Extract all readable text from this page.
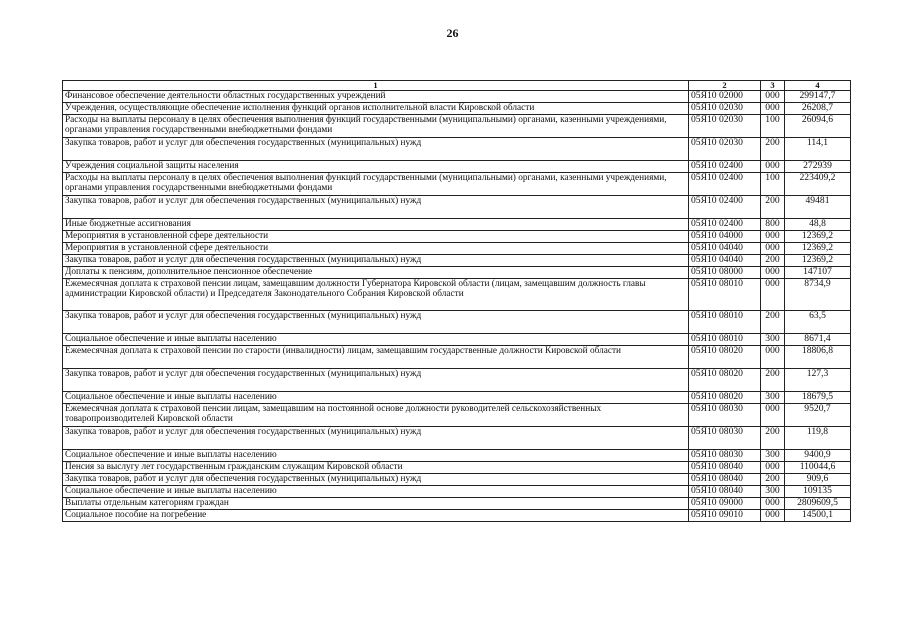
26
1	2	3	4
Финансовое обеспечение деятельности областных государственных учреждений	05Я10 02000	000	299147,7
Учреждения, осуществляющие обеспечение исполнения функций органов исполнительной власти Кировской области	05Я10 02030	000	26208,7
Расходы на выплаты персоналу в целях обеспечения выполнения функций государственными (муниципальными) органами, казенными учреждениями, органами управления государственными внебюджетными фондами	05Я10 02030	100	26094,6
Закупка товаров, работ и услуг для обеспечения государственных (муниципальных) нужд	05Я10 02030	200	114,1
Учреждения социальной защиты населения	05Я10 02400	000	272939
Расходы на выплаты персоналу в целях обеспечения выполнения функций государственными (муниципальными) органами, казенными учреждениями, органами управления государственными внебюджетными фондами	05Я10 02400	100	223409,2
Закупка товаров, работ и услуг для обеспечения государственных (муниципальных) нужд	05Я10 02400	200	49481
Иные бюджетные ассигнования	05Я10 02400	800	48,8
Мероприятия в установленной сфере деятельности	05Я10 04000	000	12369,2
Мероприятия в установленной сфере деятельности	05Я10 04040	000	12369,2
Закупка товаров, работ и услуг для обеспечения государственных (муниципальных) нужд	05Я10 04040	200	12369,2
Доплаты к пенсиям, дополнительное пенсионное обеспечение	05Я10 08000	000	147107
Ежемесячная доплата к страховой пенсии лицам, замещавшим должности Губернатора Кировской области (лицам, замещавшим должность главы администрации Кировской области) и Председателя Законодательного Собрания Кировской области	05Я10 08010	000	8734,9
Закупка товаров, работ и услуг для обеспечения государственных (муниципальных) нужд	05Я10 08010	200	63,5
Социальное обеспечение и иные выплаты населению	05Я10 08010	300	8671,4
Ежемесячная доплата к страховой пенсии по старости (инвалидности) лицам, замещавшим государственные должности Кировской области	05Я10 08020	000	18806,8
Закупка товаров, работ и услуг для обеспечения государственных (муниципальных) нужд	05Я10 08020	200	127,3
Социальное обеспечение и иные выплаты населению	05Я10 08020	300	18679,5
Ежемесячная доплата к страховой пенсии лицам, замещавшим на постоянной основе должности руководителей сельскохозяйственных товаропроизводителей Кировской области	05Я10 08030	000	9520,7
Закупка товаров, работ и услуг для обеспечения государственных (муниципальных) нужд	05Я10 08030	200	119,8
Социальное обеспечение и иные выплаты населению	05Я10 08030	300	9400,9
Пенсия за выслугу лет государственным гражданским служащим Кировской области	05Я10 08040	000	110044,6
Закупка товаров, работ и услуг для обеспечения государственных (муниципальных) нужд	05Я10 08040	200	909,6
Социальное обеспечение и иные выплаты населению	05Я10 08040	300	109135
Выплаты отдельным категориям граждан	05Я10 09000	000	2809609,5
Социальное пособие на погребение	05Я10 09010	000	14500,1
